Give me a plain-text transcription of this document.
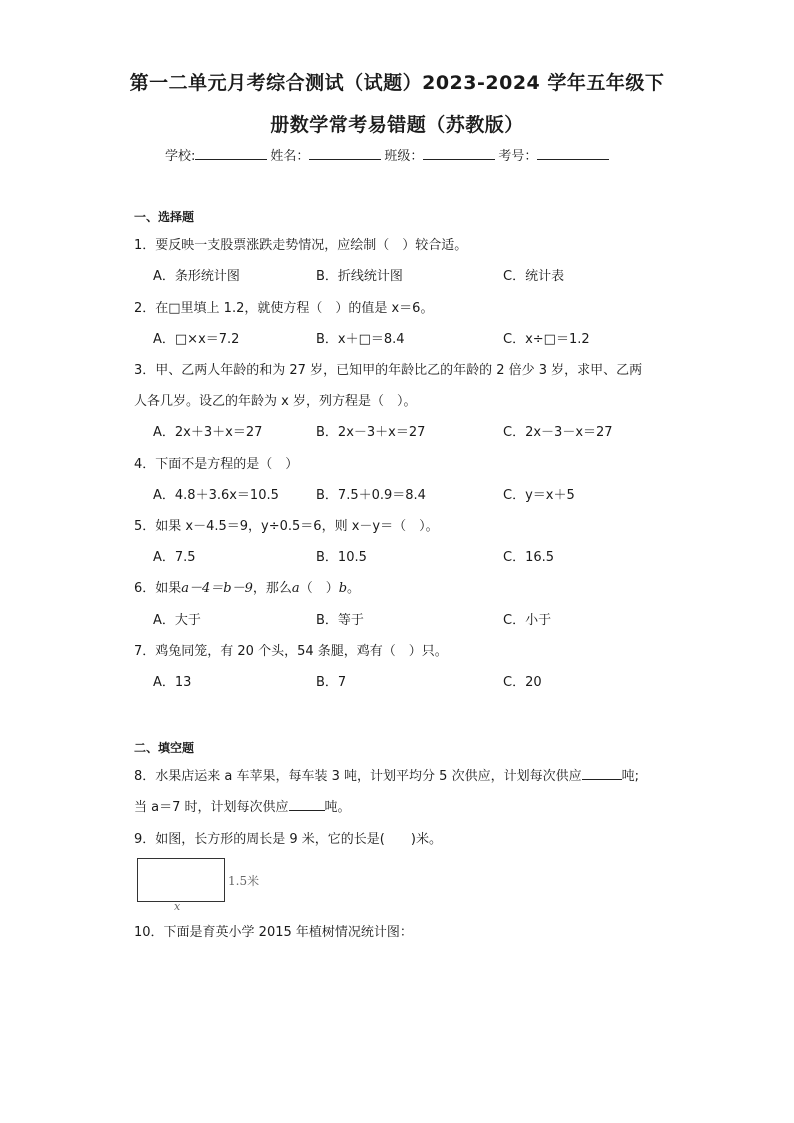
第一二单元月考综合测试（试题）2023-2024 学年五年级下
册数学常考易错题（苏教版）
学校:	姓名：	班级：	考号：
一、选择题
1．要反映一支股票涨跌走势情况，应绘制（　）较合适。
A．条形统计图	B．折线统计图	C．统计表
2．在□里填上 1.2，就使方程（　）的值是 x＝6。
A．□×x＝7.2	B．x＋□＝8.4	C．x÷□＝1.2
3．甲、乙两人年龄的和为 27 岁，已知甲的年龄比乙的年龄的 2 倍少 3 岁，求甲、乙两
人各几岁。设乙的年龄为 x 岁，列方程是（　）。
A．2x＋3＋x＝27	B．2x－3＋x＝27	C．2x－3－x＝27
4．下面不是方程的是（　）
A．4.8＋3.6x＝10.5	B．7.5＋0.9＝8.4	C．y＝x＋5
5．如果 x－4.5＝9，y÷0.5＝6，则 x－y＝（　）。
A．7.5	B．10.5	C．16.5
6．如果a－4＝b－9，那么a（　）b。
A．大于	B．等于	C．小于
7．鸡兔同笼，有 20 个头，54 条腿，鸡有（　）只。
A．13	B．7	C．20
二、填空题
8．水果店运来 a 车苹果，每车装 3 吨，计划平均分 5 次供应，计划每次供应	吨;
当 a＝7 时，计划每次供应	吨。
9．如图，长方形的周长是 9 米，它的长是(　　)米。
1.5米
x
10．下面是育英小学 2015 年植树情况统计图：
